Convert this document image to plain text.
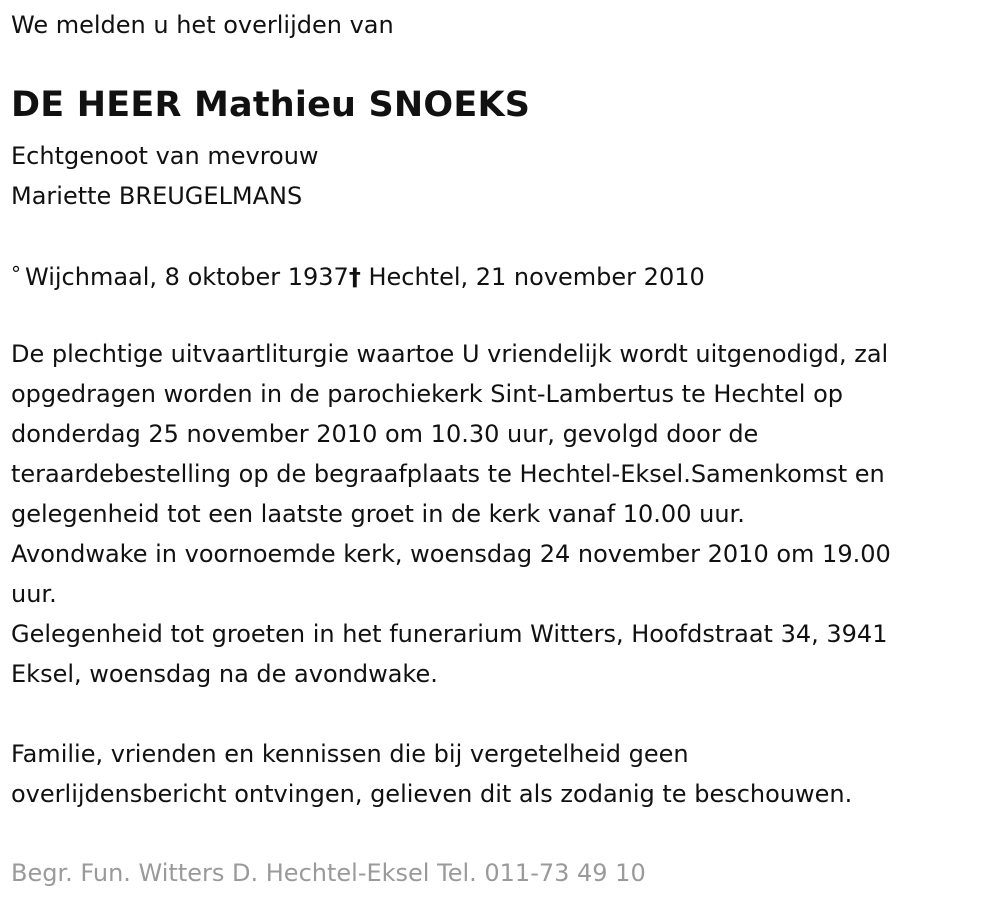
We melden u het overlijden van
DE HEER Mathieu SNOEKS
Echtgenoot van mevrouw
Mariette BREUGELMANS
° Wijchmaal, 8 oktober 1937† Hechtel, 21 november 2010
De plechtige uitvaartliturgie waartoe U vriendelijk wordt uitgenodigd, zal
opgedragen worden in de parochiekerk Sint-Lambertus te Hechtel op
donderdag 25 november 2010 om 10.30 uur, gevolgd door de
teraardebestelling op de begraafplaats te Hechtel-Eksel.Samenkomst en
gelegenheid tot een laatste groet in de kerk vanaf 10.00 uur.
Avondwake in voornoemde kerk, woensdag 24 november 2010 om 19.00
uur.
Gelegenheid tot groeten in het funerarium Witters, Hoofdstraat 34, 3941
Eksel, woensdag na de avondwake.
Familie, vrienden en kennissen die bij vergetelheid geen
overlijdensbericht ontvingen, gelieven dit als zodanig te beschouwen.
Begr. Fun. Witters D. Hechtel-Eksel Tel. 011-73 49 10
